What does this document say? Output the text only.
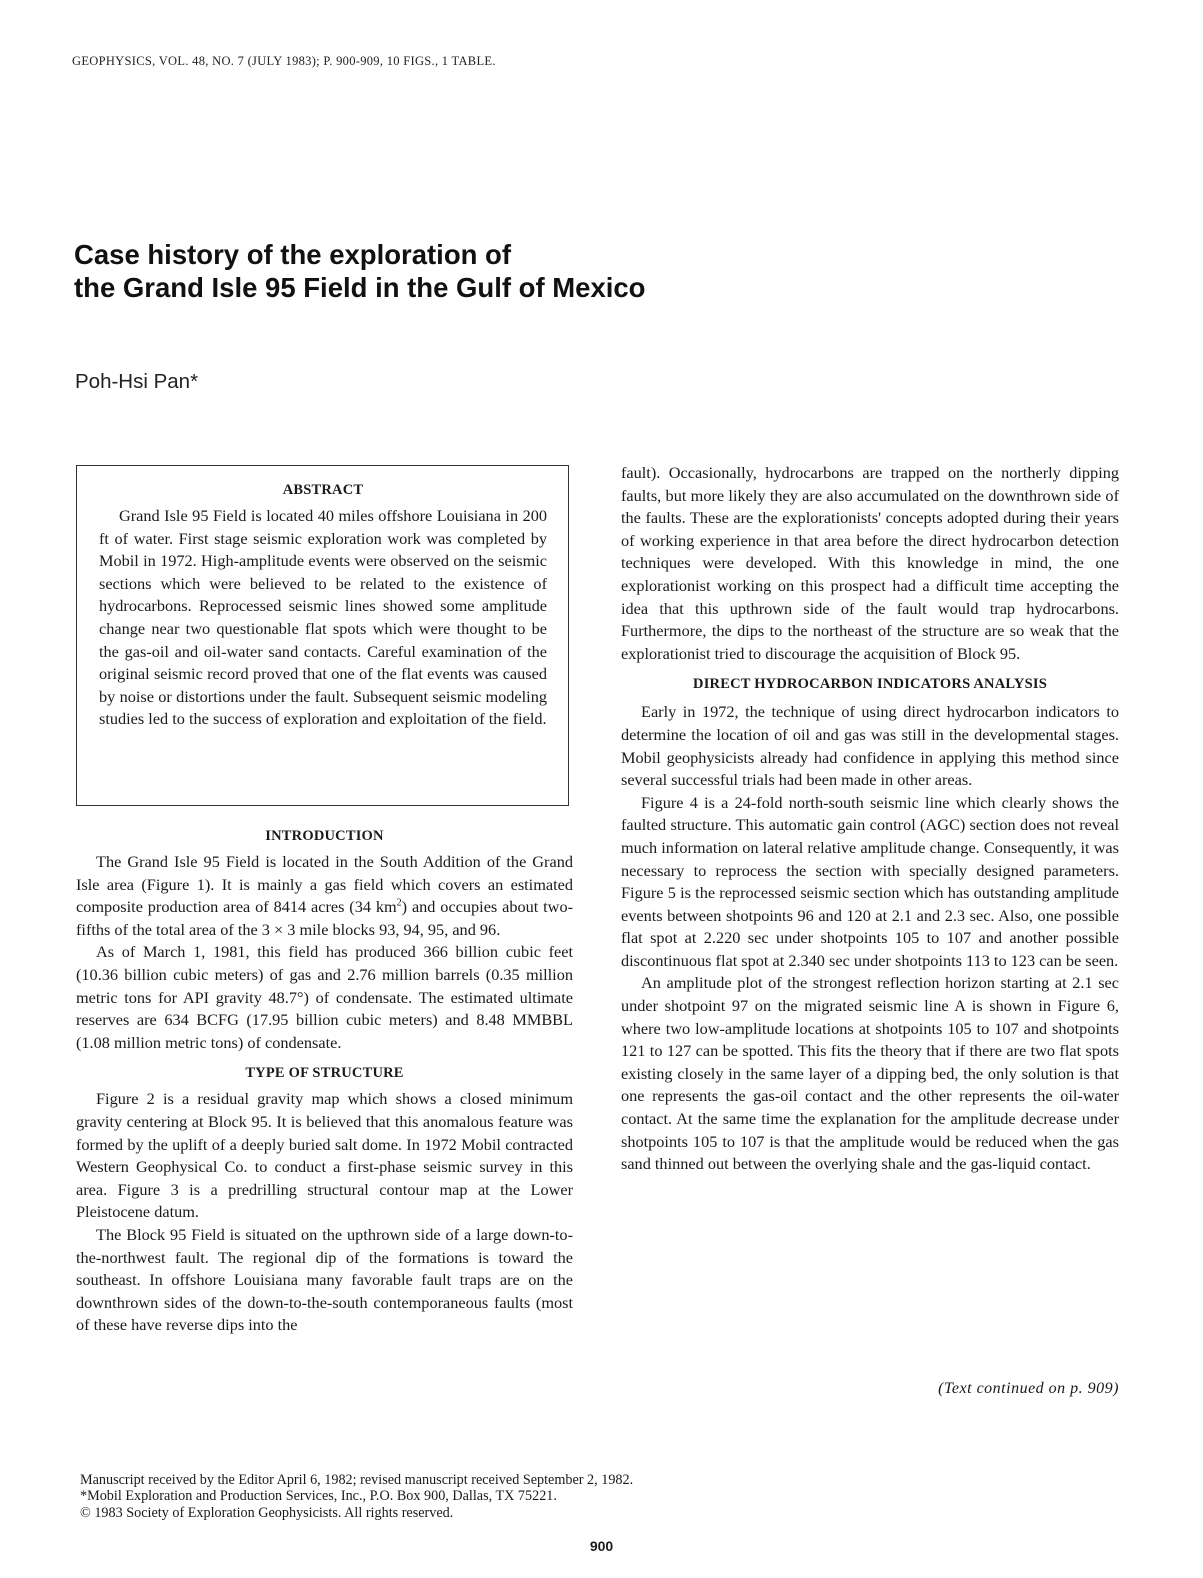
GEOPHYSICS, VOL. 48, NO. 7 (JULY 1983); P. 900-909, 10 FIGS., 1 TABLE.
Case history of the exploration of
the Grand Isle 95 Field in the Gulf of Mexico
Poh-Hsi Pan*
ABSTRACT

Grand Isle 95 Field is located 40 miles offshore Louisiana in 200 ft of water. First stage seismic exploration work was completed by Mobil in 1972. High-amplitude events were observed on the seismic sections which were believed to be related to the existence of hydrocarbons. Reprocessed seismic lines showed some amplitude change near two questionable flat spots which were thought to be the gas-oil and oil-water sand contacts. Careful examination of the original seismic record proved that one of the flat events was caused by noise or distortions under the fault. Subsequent seismic modeling studies led to the success of exploration and exploitation of the field.

INTRODUCTION

The Grand Isle 95 Field is located in the South Addition of the Grand Isle area (Figure 1). It is mainly a gas field which covers an estimated composite production area of 8414 acres (34 $km^2$) and occupies about two-fifths of the total area of the 3 × 3 mile blocks 93, 94, 95, and 96.

As of March 1, 1981, this field has produced 366 billion cubic feet (10.36 billion cubic meters) of gas and 2.76 million barrels (0.35 million metric tons for API gravity 48.7°) of condensate. The estimated ultimate reserves are 634 BCFG (17.95 billion cubic meters) and 8.48 MMBBL (1.08 million metric tons) of condensate.

TYPE OF STRUCTURE

Figure 2 is a residual gravity map which shows a closed minimum gravity centering at Block 95. It is believed that this anomalous feature was formed by the uplift of a deeply buried salt dome. In 1972 Mobil contracted Western Geophysical Co. to conduct a first-phase seismic survey in this area. Figure 3 is a predrilling structural contour map at the Lower Pleistocene datum.

The Block 95 Field is situated on the upthrown side of a large down-to-the-northwest fault. The regional dip of the formations is toward the southeast. In offshore Louisiana many favorable fault traps are on the downthrown sides of the down-to-the-south contemporaneous faults (most of these have reverse dips into the

fault). Occasionally, hydrocarbons are trapped on the northerly dipping faults, but more likely they are also accumulated on the downthrown side of the faults. These are the explorationists' concepts adopted during their years of working experience in that area before the direct hydrocarbon detection techniques were developed. With this knowledge in mind, the one explorationist working on this prospect had a difficult time accepting the idea that this upthrown side of the fault would trap hydrocarbons. Furthermore, the dips to the northeast of the structure are so weak that the explorationist tried to discourage the acquisition of Block 95.

DIRECT HYDROCARBON INDICATORS ANALYSIS

Early in 1972, the technique of using direct hydrocarbon indicators to determine the location of oil and gas was still in the developmental stages. Mobil geophysicists already had confidence in applying this method since several successful trials had been made in other areas.

Figure 4 is a 24-fold north-south seismic line which clearly shows the faulted structure. This automatic gain control (AGC) section does not reveal much information on lateral relative amplitude change. Consequently, it was necessary to reprocess the section with specially designed parameters. Figure 5 is the reprocessed seismic section which has outstanding amplitude events between shotpoints 96 and 120 at 2.1 and 2.3 sec. Also, one possible flat spot at 2.220 sec under shotpoints 105 to 107 and another possible discontinuous flat spot at 2.340 sec under shotpoints 113 to 123 can be seen.

An amplitude plot of the strongest reflection horizon starting at 2.1 sec under shotpoint 97 on the migrated seismic line A is shown in Figure 6, where two low-amplitude locations at shotpoints 105 to 107 and shotpoints 121 to 127 can be spotted. This fits the theory that if there are two flat spots existing closely in the same layer of a dipping bed, the only solution is that one represents the gas-oil contact and the other represents the oil-water contact. At the same time the explanation for the amplitude decrease under shotpoints 105 to 107 is that the amplitude would be reduced when the gas sand thinned out between the overlying shale and the gas-liquid contact.

(Text continued on p. 909)
Manuscript received by the Editor April 6, 1982; revised manuscript received September 2, 1982.
*Mobil Exploration and Production Services, Inc., P.O. Box 900, Dallas, TX 75221.
© 1983 Society of Exploration Geophysicists. All rights reserved.
900
